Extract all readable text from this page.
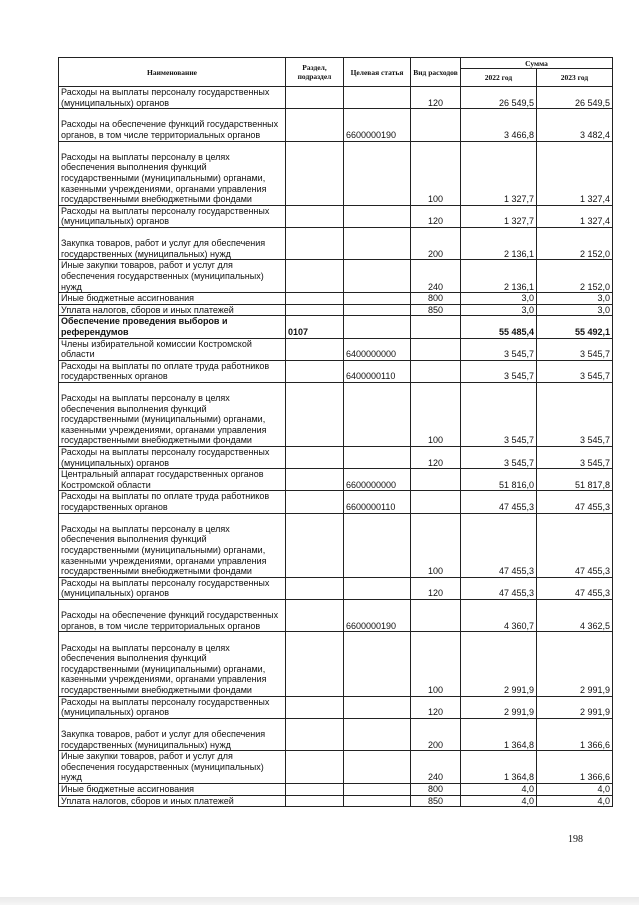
Наименование	Раздел, подраздел	Целевая статья	Вид расходов	Сумма	
				2022 год	2023 год
Расходы на выплаты персоналу государственных (муниципальных) органов			120	26 549,5	26 549,5
Расходы на обеспечение функций государственных органов, в том числе территориальных органов		6600000190		3 466,8	3 482,4
Расходы на выплаты персоналу в целях обеспечения выполнения функций государственными (муниципальными) органами, казенными учреждениями, органами управления государственными внебюджетными фондами			100	1 327,7	1 327,4
Расходы на выплаты персоналу государственных (муниципальных) органов			120	1 327,7	1 327,4
Закупка товаров, работ и услуг для обеспечения государственных (муниципальных) нужд			200	2 136,1	2 152,0
Иные закупки товаров, работ и услуг для обеспечения государственных (муниципальных) нужд			240	2 136,1	2 152,0
Иные бюджетные ассигнования			800	3,0	3,0
Уплата налогов, сборов и иных платежей			850	3,0	3,0
Обеспечение проведения выборов и референдумов	0107			55 485,4	55 492,1
Члены избирательной комиссии Костромской области		6400000000		3 545,7	3 545,7
Расходы на выплаты по оплате труда работников государственных органов		6400000110		3 545,7	3 545,7
Расходы на выплаты персоналу в целях обеспечения выполнения функций государственными (муниципальными) органами, казенными учреждениями, органами управления государственными внебюджетными фондами			100	3 545,7	3 545,7
Расходы на выплаты персоналу государственных (муниципальных) органов			120	3 545,7	3 545,7
Центральный аппарат государственных органов Костромской области		6600000000		51 816,0	51 817,8
Расходы на выплаты по оплате труда работников государственных органов		6600000110		47 455,3	47 455,3
Расходы на выплаты персоналу в целях обеспечения выполнения функций государственными (муниципальными) органами, казенными учреждениями, органами управления государственными внебюджетными фондами			100	47 455,3	47 455,3
Расходы на выплаты персоналу государственных (муниципальных) органов			120	47 455,3	47 455,3
Расходы на обеспечение функций государственных органов, в том числе территориальных органов		6600000190		4 360,7	4 362,5
Расходы на выплаты персоналу в целях обеспечения выполнения функций государственными (муниципальными) органами, казенными учреждениями, органами управления государственными внебюджетными фондами			100	2 991,9	2 991,9
Расходы на выплаты персоналу государственных (муниципальных) органов			120	2 991,9	2 991,9
Закупка товаров, работ и услуг для обеспечения государственных (муниципальных) нужд			200	1 364,8	1 366,6
Иные закупки товаров, работ и услуг для обеспечения государственных (муниципальных) нужд			240	1 364,8	1 366,6
Иные бюджетные ассигнования			800	4,0	4,0
Уплата налогов, сборов и иных платежей			850	4,0	4,0
198
